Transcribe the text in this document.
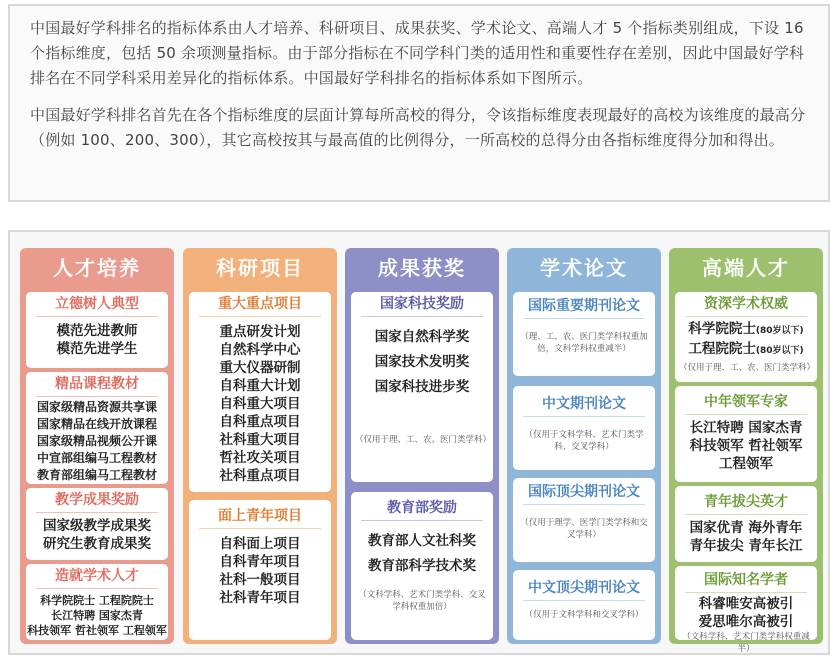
中国最好学科排名的指标体系由人才培养、科研项目、成果获奖、学术论文、高端人才 5 个指标类别组成，下设 16 个指标维度，包括 50 余项测量指标。由于部分指标在不同学科门类的适用性和重要性存在差别，因此中国最好学科排名在不同学科采用差异化的指标体系。中国最好学科排名的指标体系如下图所示。

中国最好学科排名首先在各个指标维度的层面计算每所高校的得分，令该指标维度表现最好的高校为该维度的最高分（例如 100、200、300），其它高校按其与最高值的比例得分，一所高校的总得分由各指标维度得分加和得出。

人才培养
立德树人典型
模范先进教师
模范先进学生
精品课程教材
国家级精品资源共享课
国家精品在线开放课程
国家级精品视频公开课
中宣部组编马工程教材
教育部组编马工程教材
教学成果奖励
国家级教学成果奖
研究生教育成果奖
造就学术人才
科学院院士 工程院院士
长江特聘 国家杰青
科技领军 哲社领军 工程领军
科研项目
重大重点项目
重点研发计划
自然科学中心
重大仪器研制
自科重大计划
自科重大项目
自科重点项目
社科重大项目
哲社攻关项目
社科重点项目
面上青年项目
自科面上项目
自科青年项目
社科一般项目
社科青年项目
成果获奖
国家科技奖励
国家自然科学奖
国家技术发明奖
国家科技进步奖
（仅用于理、工、农、医门类学科）
教育部奖励
教育部人文社科奖
教育部科学技术奖
（文科学科、艺术门类学科、交叉学科权重加倍）
学术论文
国际重要期刊论文
（理、工、农、医门类学科权重加倍，文科学科权重减半）
中文期刊论文
（仅用于文科学科、艺术门类学科、交叉学科）
国际顶尖期刊论文
（仅用于理学、医学门类学科和交叉学科）
中文顶尖期刊论文
（仅用于文科学科和交叉学科）
高端人才
资深学术权威
科学院院士(80岁以下)
工程院院士(80岁以下)
（仅用于理、工、农、医门类学科）
中年领军专家
长江特聘 国家杰青
科技领军 哲社领军
工程领军
青年拔尖英才
国家优青 海外青年
青年拔尖 青年长江
国际知名学者
科睿唯安高被引
爱思唯尔高被引
（文科学科、艺术门类学科权重减半）
